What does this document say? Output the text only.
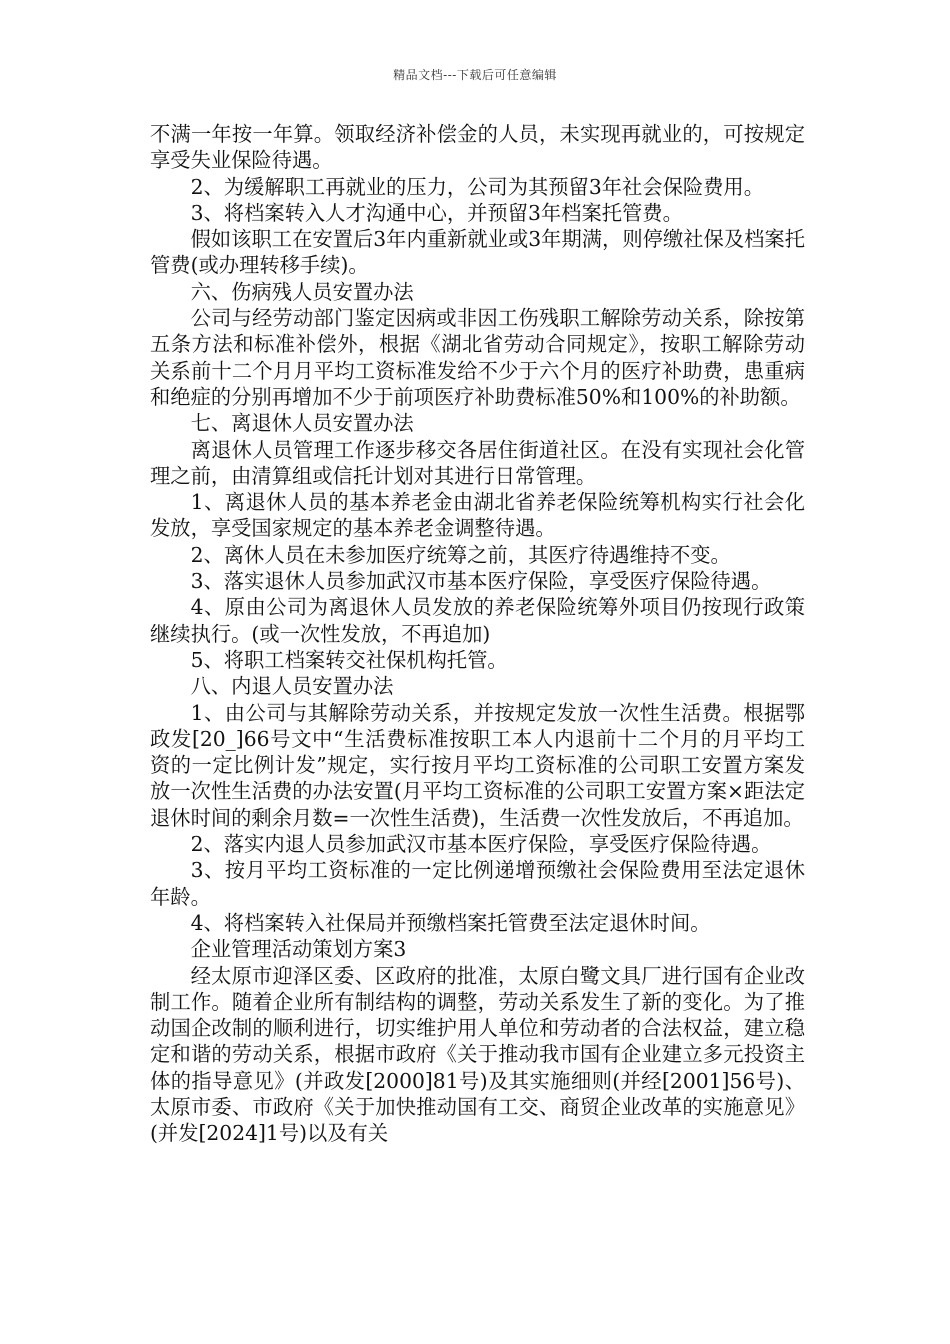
精品文档---下载后可任意编辑

不满一年按一年算。领取经济补偿金的人员，未实现再就业的，可按规定享受失业保险待遇。

2、为缓解职工再就业的压力，公司为其预留3年社会保险费用。

3、将档案转入人才沟通中心，并预留3年档案托管费。

假如该职工在安置后3年内重新就业或3年期满，则停缴社保及档案托管费(或办理转移手续)。

六、伤病残人员安置办法

公司与经劳动部门鉴定因病或非因工伤残职工解除劳动关系，除按第五条方法和标准补偿外，根据《湖北省劳动合同规定》，按职工解除劳动关系前十二个月月平均工资标准发给不少于六个月的医疗补助费，患重病和绝症的分别再增加不少于前项医疗补助费标准50%和100%的补助额。

七、离退休人员安置办法

离退休人员管理工作逐步移交各居住街道社区。在没有实现社会化管理之前，由清算组或信托计划对其进行日常管理。

1、离退休人员的基本养老金由湖北省养老保险统筹机构实行社会化发放，享受国家规定的基本养老金调整待遇。

2、离休人员在未参加医疗统筹之前，其医疗待遇维持不变。

3、落实退休人员参加武汉市基本医疗保险，享受医疗保险待遇。

4、原由公司为离退休人员发放的养老保险统筹外项目仍按现行政策继续执行。(或一次性发放，不再追加)

5、将职工档案转交社保机构托管。

八、内退人员安置办法

1、由公司与其解除劳动关系，并按规定发放一次性生活费。根据鄂政发[20_]66号文中“生活费标准按职工本人内退前十二个月的月平均工资的一定比例计发”规定，实行按月平均工资标准的公司职工安置方案发放一次性生活费的办法安置(月平均工资标准的公司职工安置方案×距法定退休时间的剩余月数=一次性生活费)，生活费一次性发放后，不再追加。

2、落实内退人员参加武汉市基本医疗保险，享受医疗保险待遇。

3、按月平均工资标准的一定比例递增预缴社会保险费用至法定退休年龄。

4、将档案转入社保局并预缴档案托管费至法定退休时间。

企业管理活动策划方案3

经太原市迎泽区委、区政府的批准，太原白鹭文具厂进行国有企业改制工作。随着企业所有制结构的调整，劳动关系发生了新的变化。为了推动国企改制的顺利进行，切实维护用人单位和劳动者的合法权益，建立稳定和谐的劳动关系，根据市政府《关于推动我市国有企业建立多元投资主体的指导意见》(并政发[2000]81号)及其实施细则(并经[2001]56号)、太原市委、市政府《关于加快推动国有工交、商贸企业改革的实施意见》(并发[2024]1号)以及有关
